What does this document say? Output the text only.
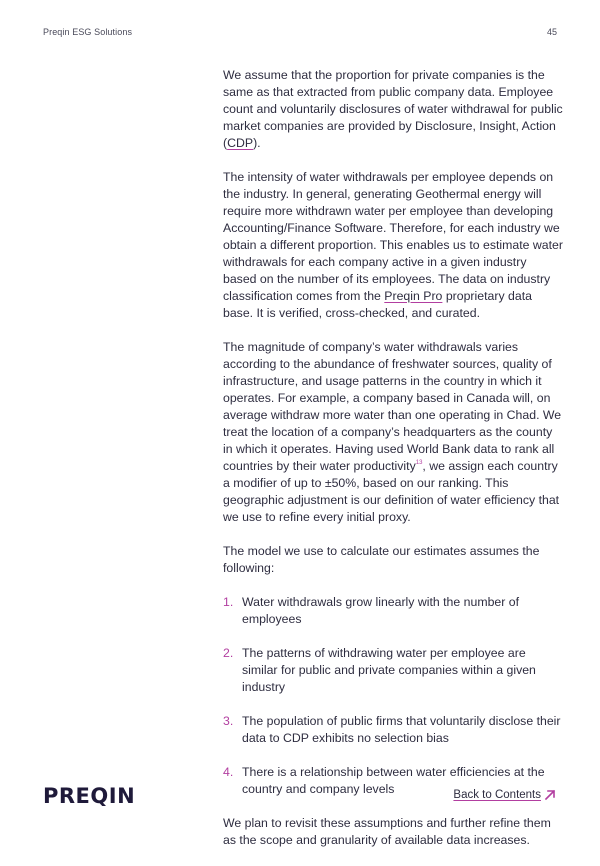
Preqin ESG Solutions	45

We assume that the proportion for private companies is the same as that extracted from public company data. Employee count and voluntarily disclosures of water withdrawal for public market companies are provided by Disclosure, Insight, Action (CDP).

The intensity of water withdrawals per employee depends on the industry. In general, generating Geothermal energy will require more withdrawn water per employee than developing Accounting/Finance Software. Therefore, for each industry we obtain a different proportion. This enables us to estimate water withdrawals for each company active in a given industry based on the number of its employees. The data on industry classification comes from the Preqin Pro proprietary data base. It is verified, cross-checked, and curated.

The magnitude of company’s water withdrawals varies according to the abundance of freshwater sources, quality of infrastructure, and usage patterns in the country in which it operates. For example, a company based in Canada will, on average withdraw more water than one operating in Chad. We treat the location of a company’s headquarters as the county in which it operates. Having used World Bank data to rank all countries by their water productivity$^{13}$, we assign each country a modifier of up to ±50%, based on our ranking. This geographic adjustment is our definition of water efficiency that we use to refine every initial proxy.

The model we use to calculate our estimates assumes the following:

1. Water withdrawals grow linearly with the number of employees
2. The patterns of withdrawing water per employee are similar for public and private companies within a given industry
3. The population of public firms that voluntarily disclose their data to CDP exhibits no selection bias
4. There is a relationship between water efficiencies at the country and company levels

We plan to revisit these assumptions and further refine them as the scope and granularity of available data increases.

PREQIN	Back to Contents
